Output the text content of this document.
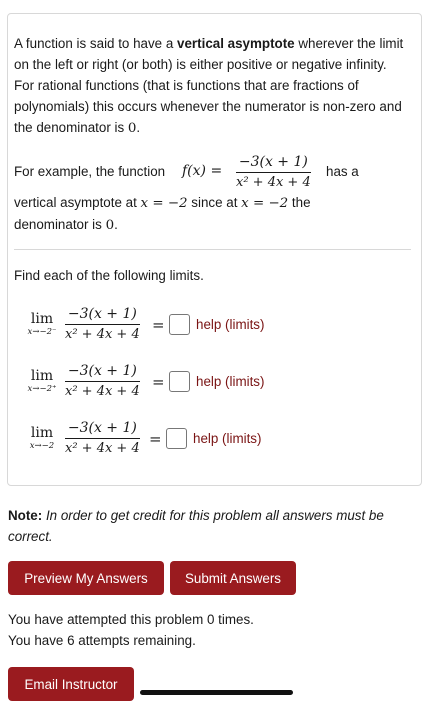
A function is said to have a vertical asymptote wherever the limit on the left or right (or both) is either positive or negative infinity. For rational functions (that is functions that are fractions of polynomials) this occurs whenever the numerator is non-zero and the denominator is 0.
For example, the function $f(x) = \frac{-3(x + 1)}{\text{x² + 4x + 4}}$ has a
vertical asymptote at x = −2 since at x = −2 the
denominator is 0.
Find each of the following limits.
lim
$x\to-2^- \frac{-3(x + 1)}{\text{x² + 4x + 4}}$ = help (limits)
lim
$x\to-2^+ \frac{-3(x + 1)}{\text{x² + 4x + 4}}$ = help (limits)
lim
$x\to-2 \frac{-3(x + 1)}{\text{x² + 4x + 4}}$ = help (limits)
Note: In order to get credit for this problem all answers must be correct.
Preview My Answers	Submit Answers
You have attempted this problem 0 times.
You have 6 attempts remaining.
Email Instructor
